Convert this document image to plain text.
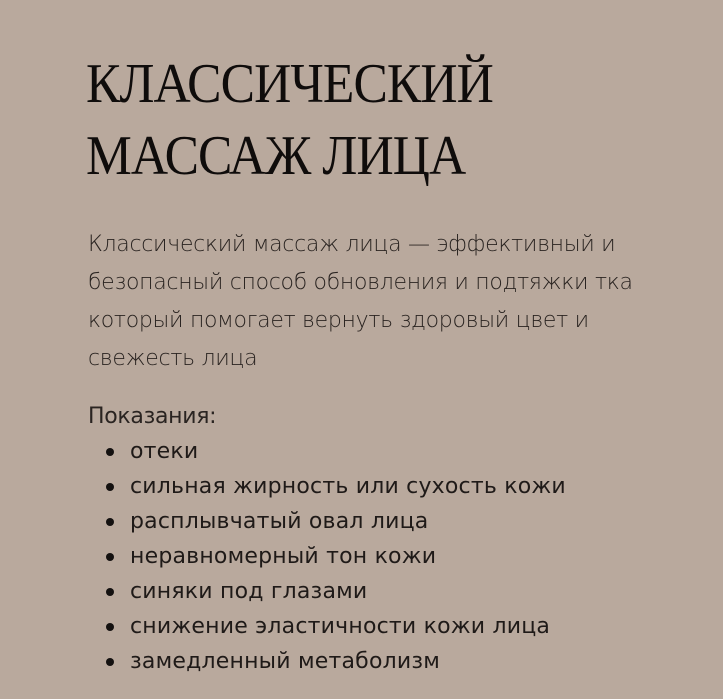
КЛАССИЧЕСКИЙ
МАССАЖ ЛИЦА

Классический массаж лица — эффективный и
безопасный способ обновления и подтяжки тка
который помогает вернуть здоровый цвет и
свежесть лица

Показания:

отеки
сильная жирность или сухость кожи
расплывчатый овал лица
неравномерный тон кожи
синяки под глазами
снижение эластичности кожи лица
замедленный метаболизм
